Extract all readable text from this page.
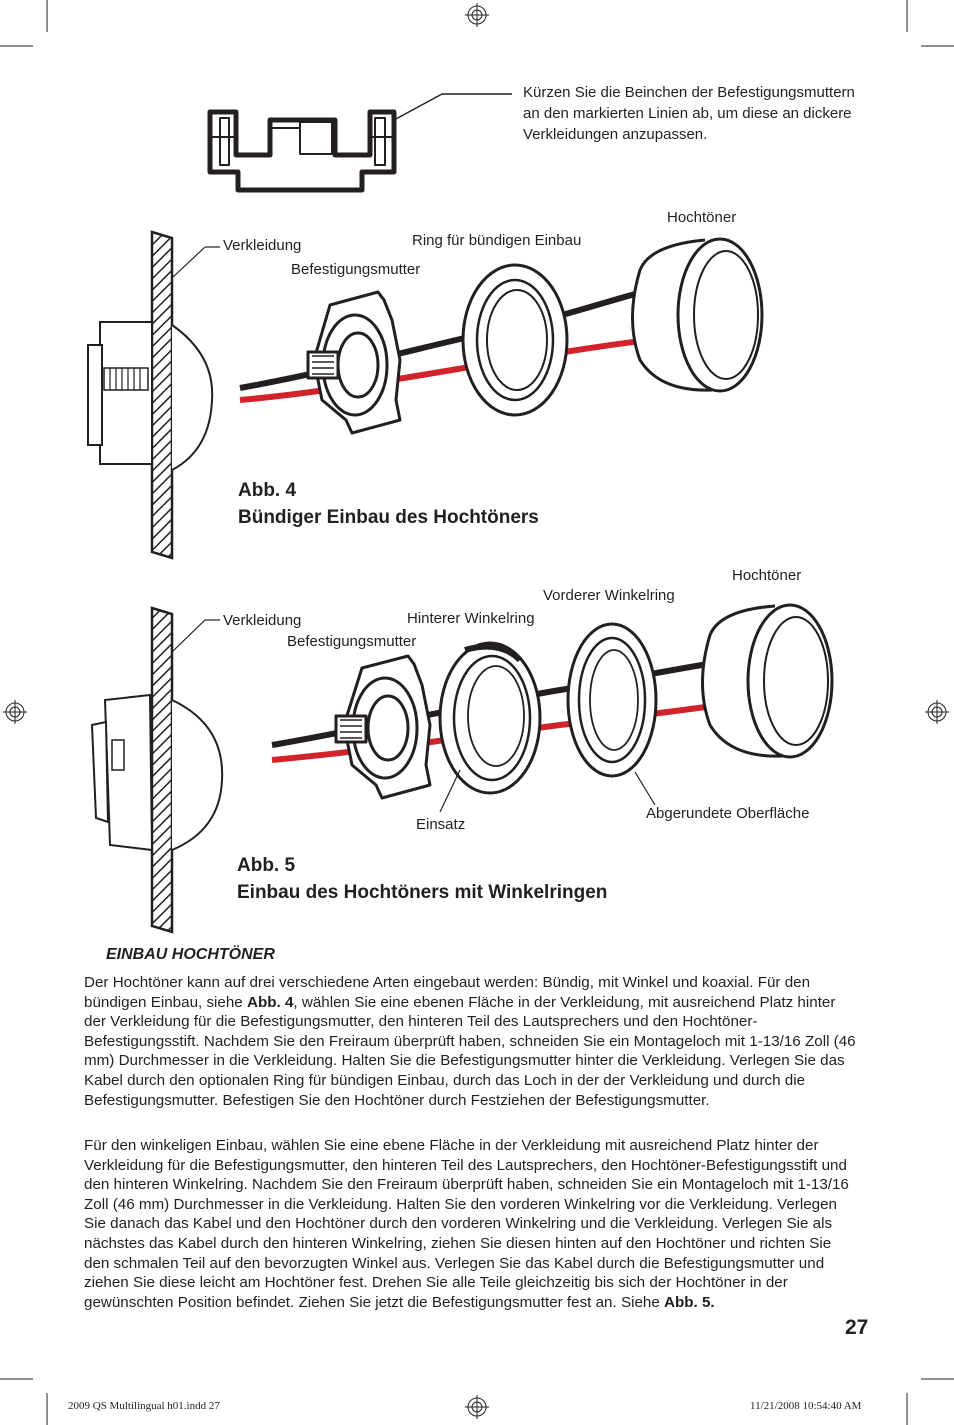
Kürzen Sie die Beinchen der Befestigungsmuttern an den markierten Linien ab, um diese an dickere Verkleidungen anzupassen.
Verkleidung
Befestigungsmutter
Ring für bündigen Einbau
Hochtöner
Abb. 4
Bündiger Einbau des Hochtöners
Verkleidung
Befestigungsmutter
Hinterer Winkelring
Vorderer Winkelring
Hochtöner
Einsatz
Abgerundete Oberfläche
Abb. 5
Einbau des Hochtöners mit Winkelringen
EINBAU HOCHTÖNER

Der Hochtöner kann auf drei verschiedene Arten eingebaut werden: Bündig, mit Winkel und koaxial. Für den bündigen Einbau, siehe Abb. 4, wählen Sie eine ebenen Fläche in der Verkleidung, mit ausreichend Platz hinter der Verkleidung für die Befestigungsmutter, den hinteren Teil des Lautsprechers und den Hochtöner-Befestigungsstift. Nachdem Sie den Freiraum überprüft haben, schneiden Sie ein Montageloch mit 1-13/16 Zoll (46 mm) Durchmesser in die Verkleidung. Halten Sie die Befestigungsmutter hinter die Verkleidung. Verlegen Sie das Kabel durch den optionalen Ring für bündigen Einbau, durch das Loch in der der Verkleidung und durch die Befestigungsmutter. Befestigen Sie den Hochtöner durch Festziehen der Befestigungsmutter.

Für den winkeligen Einbau, wählen Sie eine ebene Fläche in der Verkleidung mit ausreichend Platz hinter der Verkleidung für die Befestigungsmutter, den hinteren Teil des Lautsprechers, den Hochtöner-Befestigungsstift und den hinteren Winkelring. Nachdem Sie den Freiraum überprüft haben, schneiden Sie ein Montageloch mit 1-13/16 Zoll (46 mm) Durchmesser in die Verkleidung. Halten Sie den vorderen Winkelring vor die Verkleidung. Verlegen Sie danach das Kabel und den Hochtöner durch den vorderen Winkelring und die Verkleidung. Verlegen Sie als nächstes das Kabel durch den hinteren Winkelring, ziehen Sie diesen hinten auf den Hochtöner und richten Sie den schmalen Teil auf den bevorzugten Winkel aus. Verlegen Sie das Kabel durch die Befestigungsmutter und ziehen Sie diese leicht am Hochtöner fest. Drehen Sie alle Teile gleichzeitig bis sich der Hochtöner in der gewünschten Position befindet. Ziehen Sie jetzt die Befestigungsmutter fest an. Siehe Abb. 5.

27
2009 QS Multilingual h01.indd 27	11/21/2008 10:54:40 AM
